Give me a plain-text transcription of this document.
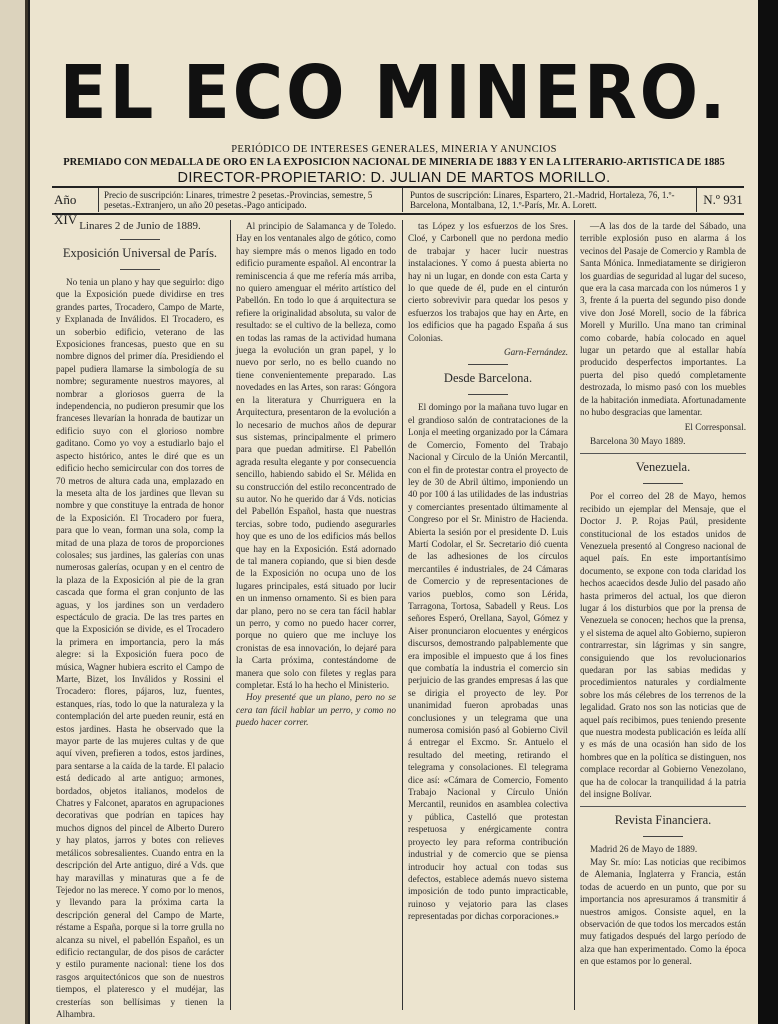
EL ECO MINERO.
PERIÓDICO DE INTERESES GENERALES, MINERIA Y ANUNCIOS
PREMIADO CON MEDALLA DE ORO EN LA EXPOSICION NACIONAL DE MINERIA DE 1883 Y EN LA LITERARIO-ARTISTICA DE 1885
DIRECTOR-PROPIETARIO: D. JULIAN DE MARTOS MORILLO.
Año XIV
Precio de suscripción: Linares, trimestre 2 pesetas.-Provincias, semestre, 5 pesetas.-Extranjero, un año 20 pesetas.-Pago anticipado.
Puntos de suscripción: Linares, Espartero, 21.-Madrid, Hortaleza, 76, 1.º-Barcelona, Montalbana, 12, 1.º-París, Mr. A. Lorett.	N.º 931
Linares 2 de Junio de 1889.
Exposición Universal de París.

No tenia un plano y hay que seguirlo: digo que la Exposición puede dividirse en tres grandes partes, Trocadero, Campo de Marte, y Explanada de Inválidos. El Trocadero, es un soberbio edificio, veterano de las Exposiciones francesas, puesto que en su nombre dignos del primer día. Presidiendo el papel pudiera llamarse la simbología de su nombre; seguramente nuestros mayores, al nombrar a gloriosos guerra de la independencia, no pudieron presumir que los franceses llevarían la honrada de bautizar un edificio suyo con el glorioso nombre gaditano. Como yo voy a estudiarlo bajo el aspecto histórico, antes le diré que es un edificio hecho semicircular con dos torres de 70 metros de altura cada una, emplazado en la meseta alta de los jardines que llevan su nombre y que constituye la entrada de honor de la Exposición. El Trocadero por fuera, para que lo vean, forman una sola, comp la mitad de una plaza de toros de proporciones colosales; sus jardines, las galerías con unas numerosas galerías, ocupan y en el centro de la plaza de la Exposición al pie de la gran cascada que forma el gran conjunto de las aguas, y los jardines son un verdadero espectáculo de gracia. De las tres partes en que la Exposición se divide, es el Trocadero la primera en importancia, pero la más alegre: si la Exposición fuera poco de música, Wagner hubiera escrito el Campo de Marte, Bizet, los Inválidos y Rossini el Trocadero: flores, pájaros, luz, fuentes, estanques, rías, todo lo que la naturaleza y la contemplación del arte pueden reunir, está en estos jardines. Hasta he observado que la mayor parte de las mujeres cultas y de que aquí viven, prefieren a todos, estos jardines, para sentarse a la caída de la tarde. El palacio está dedicado al arte antiguo; armones, bordados, objetos italianos, modelos de Chatres y Falconet, aparatos en agrupaciones decorativas que podrían en tapices hay muchos dignos del pincel de Alberto Durero y hay platos, jarros y botes con relieves metálicos sobresalientes. Cuando entra en la descripción del Arte antiguo, diré a Vds. que hay maravillas y minaturas que a fe de Tejedor no las merece. Y como por lo menos, y llevando para la próxima carta la descripción general del Campo de Marte, réstame a España, porque si la torre grulla no alcanza su nivel, el pabellón Español, es un edificio rectangular, de dos pisos de carácter y estilo puramente nacional: tiene los dos rasgos arquitectónicos que son de nuestros tiempos, el plateresco y el mudéjar, las cresterías son bellísimas y tienen la Alhambra.

Al principio de Salamanca y de Toledo. Hay en los ventanales algo de gótico, como hay siempre más o menos ligado en todo edificio puramente español. Al encontrar la reminiscencia á que me refería más arriba, no quiero amenguar el mérito artístico del Pabellón. En todo lo que á arquitectura se refiere la originalidad absoluta, su valor de resultado: se el cultivo de la belleza, como en todas las ramas de la actividad humana juega la evolución un gran papel, y lo nuevo por serlo, no es bello cuando no tiene convenientemente preparado. Las novedades en las Artes, son raras: Góngora en la literatura y Churriguera en la Arquitectura, presentaron de la evolución a lo necesario de muchos años de depurar sus sistemas, principalmente el primero para que puedan admitirse. El Pabellón agrada resulta elegante y por consecuencia sencillo, habiendo sabido el Sr. Mélida en su construcción del estilo reconcentrado de su autor. No he querido dar á Vds. noticias del Pabellón Español, hasta que nuestras tercias, sobre todo, pudiendo asegurarles hoy que es uno de los edificios más bellos que hay en la Exposición. Está adornado de tal manera copiando, que si bien desde de la Exposición no ocupa uno de los lugares principales, está situado por lucir en un inmenso ornamento. Si es bien para dar plano, pero no se cera tan fácil hablar un perro, y como no puedo hacer correr, porque no quiero que me incluye los cronistas de esa innovación, lo dejaré para la Carta próxima, contestándome de manera que solo con filetes y reglas para completar. Está lo ha hecho el Ministerio.

Hoy presenté que un plano, pero no se cera tan fácil hablar un perro, y como no puedo hacer correr.

tas López y los esfuerzos de los Sres. Cloé, y Carbonell que no perdona medio de trabajar y hacer lucir nuestras instalaciones. Y como á puesta abierta no hay ni un lugar, en donde con esta Carta y lo que quede de él, pude en el cinturón cierto sobrevivir para quedar los pesos y esfuerzos los trabajos que hay en Arte, en los edificios que ha pagado España á sus Colonias.

Garn-Fernández.
Desde Barcelona.

El domingo por la mañana tuvo lugar en el grandioso salón de contrataciones de la Lonja el meeting organizado por la Cámara de Comercio, Fomento del Trabajo Nacional y Círculo de la Unión Mercantil, con el fin de protestar contra el proyecto de ley de 30 de Abril último, imponiendo un 40 por 100 á las utilidades de las industrias y comerciantes presentado últimamente al Congreso por el Sr. Ministro de Hacienda. Abierta la sesión por el presidente D. Luis Martí Codolar, el Sr. Secretario dió cuenta de las adhesiones de los círculos mercantiles é industriales, de 24 Cámaras de Comercio y de representaciones de varios pueblos, como son Lérida, Tarragona, Tortosa, Sabadell y Reus. Los señores Esperó, Orellana, Sayol, Gómez y Aiser pronunciaron elocuentes y enérgicos discursos, demostrando palpablemente que era imposible el impuesto que á los fines que combatía la industria el comercio sin perjuicio de las grandes empresas á las que se dirigia el proyecto de ley. Por unanimidad fueron aprobadas unas conclusiones y un telegrama que una numerosa comisión pasó al Gobierno Civil á entregar el Excmo. Sr. Antuelo el resultado del meeting, retirando el telegrama y consolaciones. El telegrama dice así: «Cámara de Comercio, Fomento Trabajo Nacional y Círculo Unión Mercantil, reunidos en asamblea colectiva y pública, Castelló que protestan respetuosa y enérgicamente contra proyecto ley para reforma contribución industrial y de comercio que se piensa introducir hoy actual con todas sus defectos, establece además nuevo sistema imposición de todo punto impracticable, ruinoso y vejatorio para las clases representadas por dichas corporaciones.»

—A las dos de la tarde del Sábado, una terrible explosión puso en alarma á los vecinos del Pasaje de Comercio y Rambla de Santa Mónica. Inmediatamente se dirigieron los guardias de seguridad al lugar del suceso, que era la casa marcada con los números 1 y 3, frente á la puerta del segundo piso donde vive don José Morell, socio de la fábrica Morell y Murillo. Una mano tan criminal como cobarde, había colocado en aquel lugar un petardo que al estallar había producido desperfectos importantes. La puerta del piso quedó completamente destrozada, lo mismo pasó con los muebles de la habitación inmediata. Afortunadamente no hubo desgracias que lamentar.

El Corresponsal.
Barcelona 30 Mayo 1889.
Venezuela.

Por el correo del 28 de Mayo, hemos recibido un ejemplar del Mensaje, que el Doctor J. P. Rojas Paúl, presidente constitucional de los estados unidos de Venezuela presentó al Congreso nacional de aquel país. En este importantísimo documento, se expone con toda claridad los hechos acaecidos desde Julio del pasado año hasta primeros del actual, los que dieron lugar á los disturbios que por la prensa de Venezuela se conocen; hechos que la prensa, y el sistema de aquel alto Gobierno, supieron contrarrestar, sin lágrimas y sin sangre, consiguiendo que los revolucionarios quedaran por las sabias medidas y procedimientos naturales y cordialmente sobre los más célebres de los terrenos de la legalidad. Grato nos son las noticias que de aquel país recibimos, pues teniendo presente que nuestra modesta publicación es leída allí y es más de una ocasión han sido de los hombres que en la política se distinguen, nos complace recordar al Gobierno Venezolano, que ha de colocar la tranquilidad á la patria del insigne Bolívar.

Revista Financiera.
Madrid 26 de Mayo de 1889.

May Sr. mío: Las noticias que recibimos de Alemania, Inglaterra y Francia, están todas de acuerdo en un punto, que por su importancia nos apresuramos á transmitir á nuestros amigos. Consiste aquel, en la observación de que todos los mercados están muy fatigados después del largo período de alza que han experimentado. Como la época en que estamos por lo general.
